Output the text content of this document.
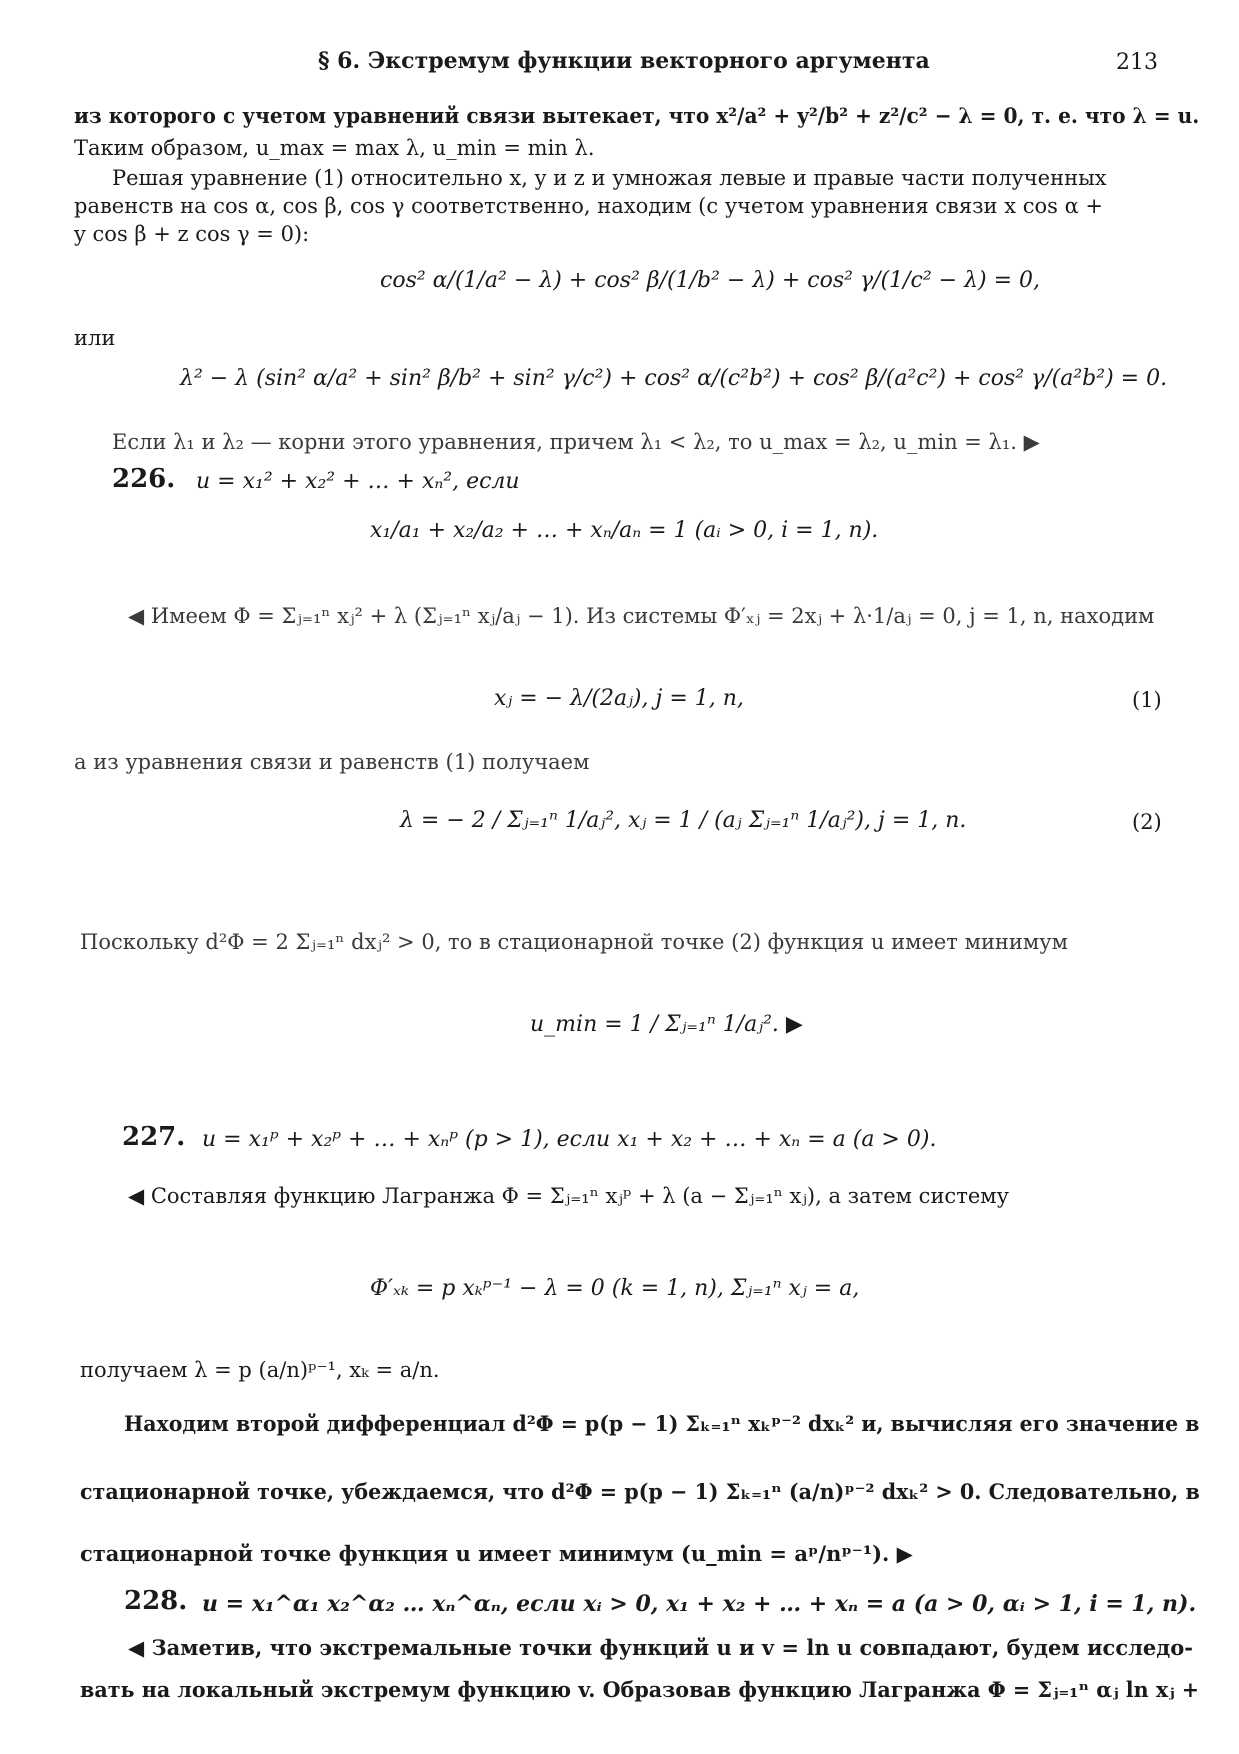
§ 6. Экстремум функции векторного аргумента	213
из которого с учетом уравнений связи вытекает, что x²/a² + y²/b² + z²/c² − λ = 0, т. е. что λ = u.
Таким образом, u_max = max λ, u_min = min λ.
Решая уравнение (1) относительно x, y и z и умножая левые и правые части полученных
равенств на cos α, cos β, cos γ соответственно, находим (с учетом уравнения связи x cos α +
y cos β + z cos γ = 0):
cos² α/(1/a² − λ) + cos² β/(1/b² − λ) + cos² γ/(1/c² − λ) = 0,
или
λ² − λ (sin² α/a² + sin² β/b² + sin² γ/c²) + cos² α/(c²b²) + cos² β/(a²c²) + cos² γ/(a²b²) = 0.
Если λ₁ и λ₂ — корни этого уравнения, причем λ₁ < λ₂, то u_max = λ₂, u_min = λ₁. ▶
226. u = x₁² + x₂² + … + xₙ², если
x₁/a₁ + x₂/a₂ + … + xₙ/aₙ = 1 (aᵢ > 0, i = 1, n).
◀ Имеем Φ = Σⱼ₌₁ⁿ xⱼ² + λ (Σⱼ₌₁ⁿ xⱼ/aⱼ − 1). Из системы Φ′ₓⱼ = 2xⱼ + λ·1/aⱼ = 0, j = 1, n, находим
xⱼ = − λ/(2aⱼ), j = 1, n,	(1)
а из уравнения связи и равенств (1) получаем
λ = − 2 / Σⱼ₌₁ⁿ 1/aⱼ², xⱼ = 1 / (aⱼ Σⱼ₌₁ⁿ 1/aⱼ²), j = 1, n.	(2)
Поскольку d²Φ = 2 Σⱼ₌₁ⁿ dxⱼ² > 0, то в стационарной точке (2) функция u имеет минимум
u_min = 1 / Σⱼ₌₁ⁿ 1/aⱼ². ▶
227. u = x₁ᵖ + x₂ᵖ + … + xₙᵖ (p > 1), если x₁ + x₂ + … + xₙ = a (a > 0).
◀ Составляя функцию Лагранжа Φ = Σⱼ₌₁ⁿ xⱼᵖ + λ (a − Σⱼ₌₁ⁿ xⱼ), а затем систему
Φ′ₓₖ = p xₖᵖ⁻¹ − λ = 0 (k = 1, n), Σⱼ₌₁ⁿ xⱼ = a,
получаем λ = p (a/n)ᵖ⁻¹, xₖ = a/n.
Находим второй дифференциал d²Φ = p(p − 1) Σₖ₌₁ⁿ xₖᵖ⁻² dxₖ² и, вычисляя его значение в
стационарной точке, убеждаемся, что d²Φ = p(p − 1) Σₖ₌₁ⁿ (a/n)ᵖ⁻² dxₖ² > 0. Следовательно, в
стационарной точке функция u имеет минимум (u_min = aᵖ/nᵖ⁻¹). ▶
228. u = x₁^α₁ x₂^α₂ … xₙ^αₙ, если xᵢ > 0, x₁ + x₂ + … + xₙ = a (a > 0, αᵢ > 1, i = 1, n).
◀ Заметив, что экстремальные точки функций u и v = ln u совпадают, будем исследо-
вать на локальный экстремум функцию v. Образовав функцию Лагранжа Φ = Σⱼ₌₁ⁿ αⱼ ln xⱼ +
